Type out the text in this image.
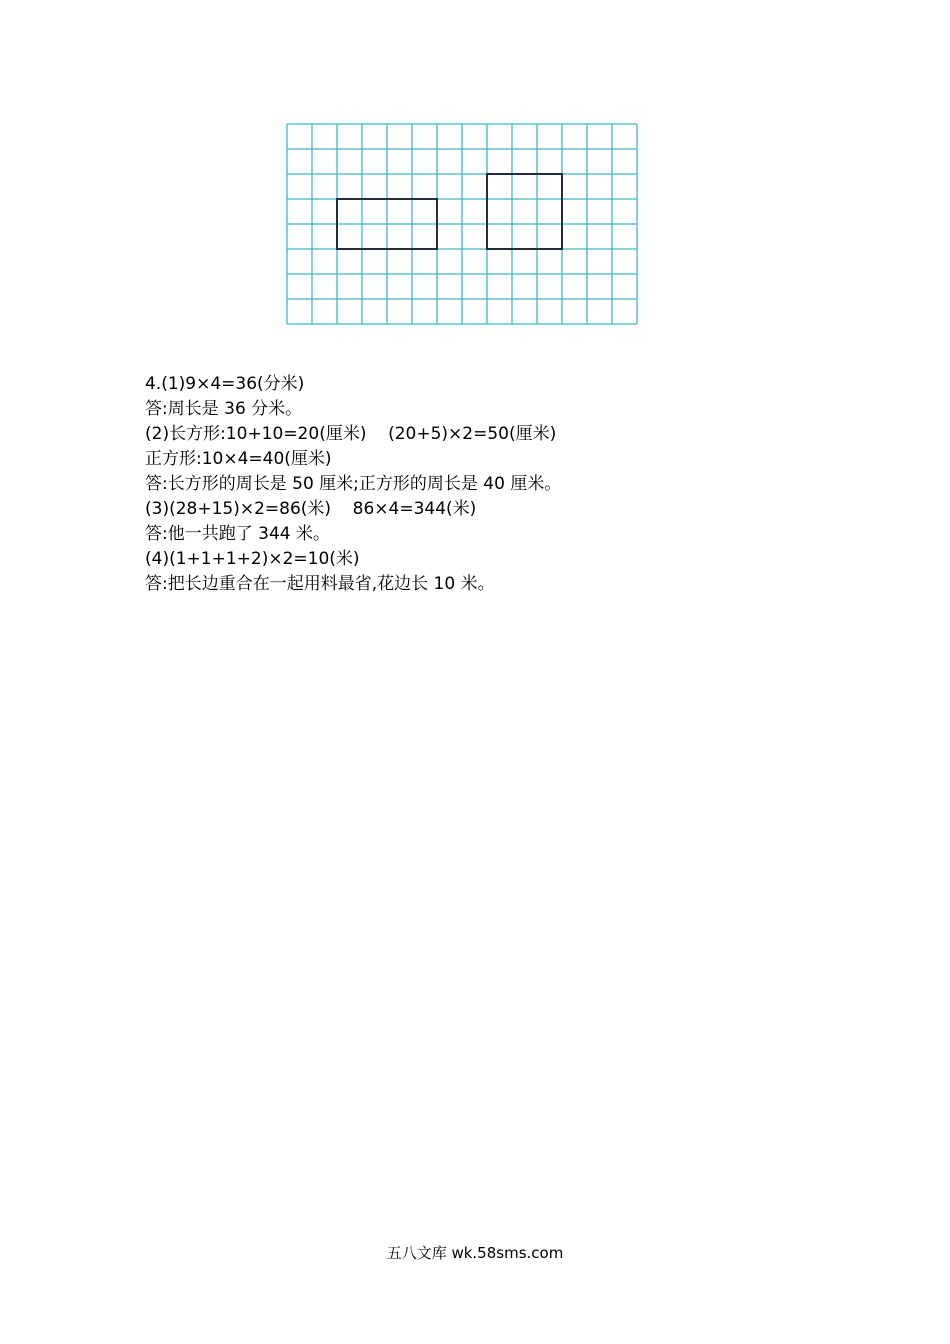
4.(1)9×4=36(分米)
答:周长是 36 分米。
(2)长方形:10+10=20(厘米)    (20+5)×2=50(厘米)
正方形:10×4=40(厘米)
答:长方形的周长是 50 厘米;正方形的周长是 40 厘米。
(3)(28+15)×2=86(米)    86×4=344(米)
答:他一共跑了 344 米。
(4)(1+1+1+2)×2=10(米)
答:把长边重合在一起用料最省,花边长 10 米。
五八文库 wk.58sms.com
